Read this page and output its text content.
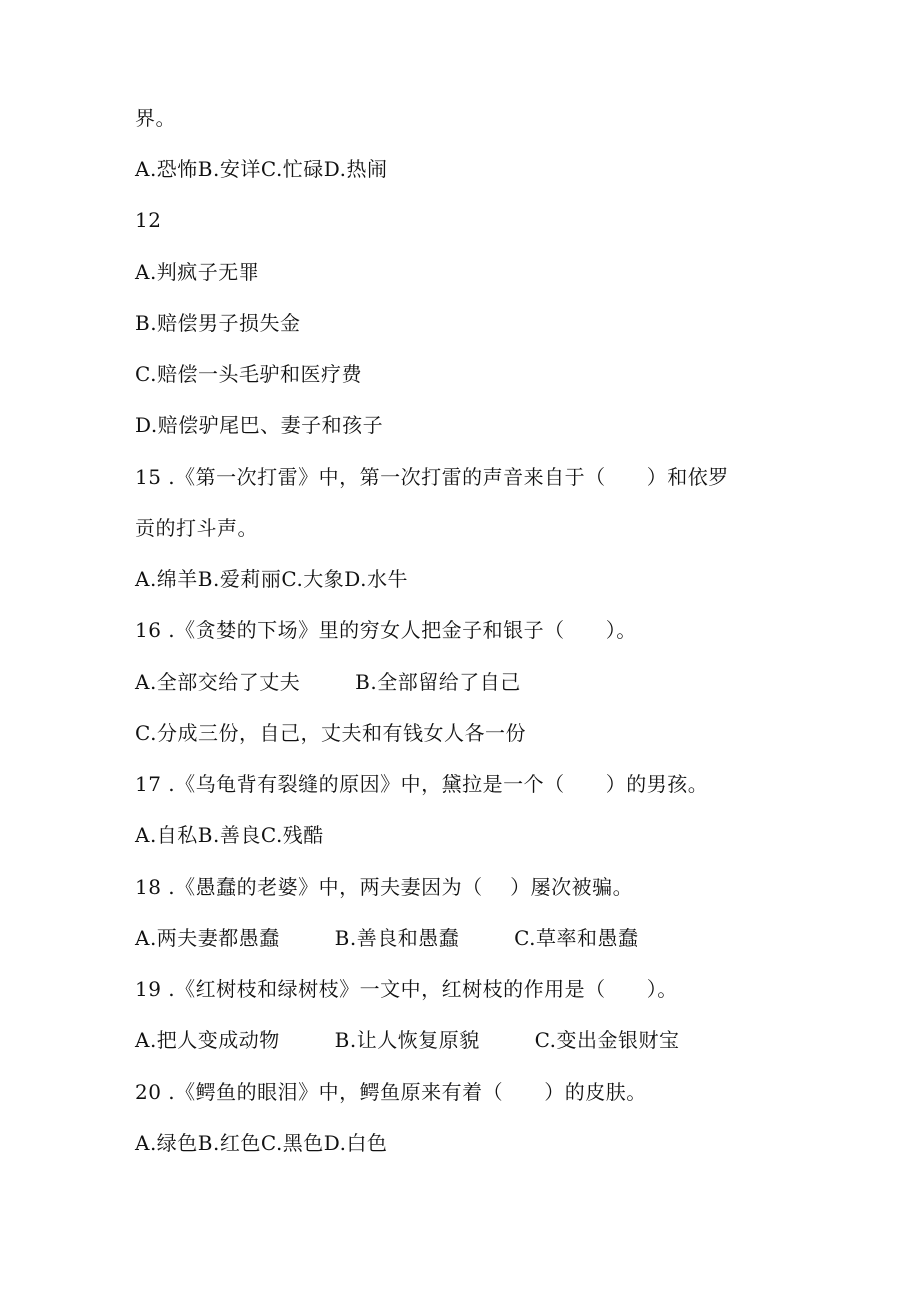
界。
A.恐怖B.安详C.忙碌D.热闹
12
A.判疯子无罪
B.赔偿男子损失金
C.赔偿一头毛驴和医疗费
D.赔偿驴尾巴、妻子和孩子
15 .《第一次打雷》中，第一次打雷的声音来自于（      ）和依罗
贡的打斗声。
A.绵羊B.爱莉丽C.大象D.水牛
16 .《贪婪的下场》里的穷女人把金子和银子（      ）。
A.全部交给了丈夫        B.全部留给了自己
C.分成三份，自己，丈夫和有钱女人各一份
17 .《乌龟背有裂缝的原因》中，黛拉是一个（      ）的男孩。
A.自私B.善良C.残酷
18 .《愚蠢的老婆》中，两夫妻因为（    ）屡次被骗。
A.两夫妻都愚蠢        B.善良和愚蠢        C.草率和愚蠢
19 .《红树枝和绿树枝》一文中，红树枝的作用是（      ）。
A.把人变成动物        B.让人恢复原貌        C.变出金银财宝
20 .《鳄鱼的眼泪》中，鳄鱼原来有着（      ）的皮肤。
A.绿色B.红色C.黑色D.白色
